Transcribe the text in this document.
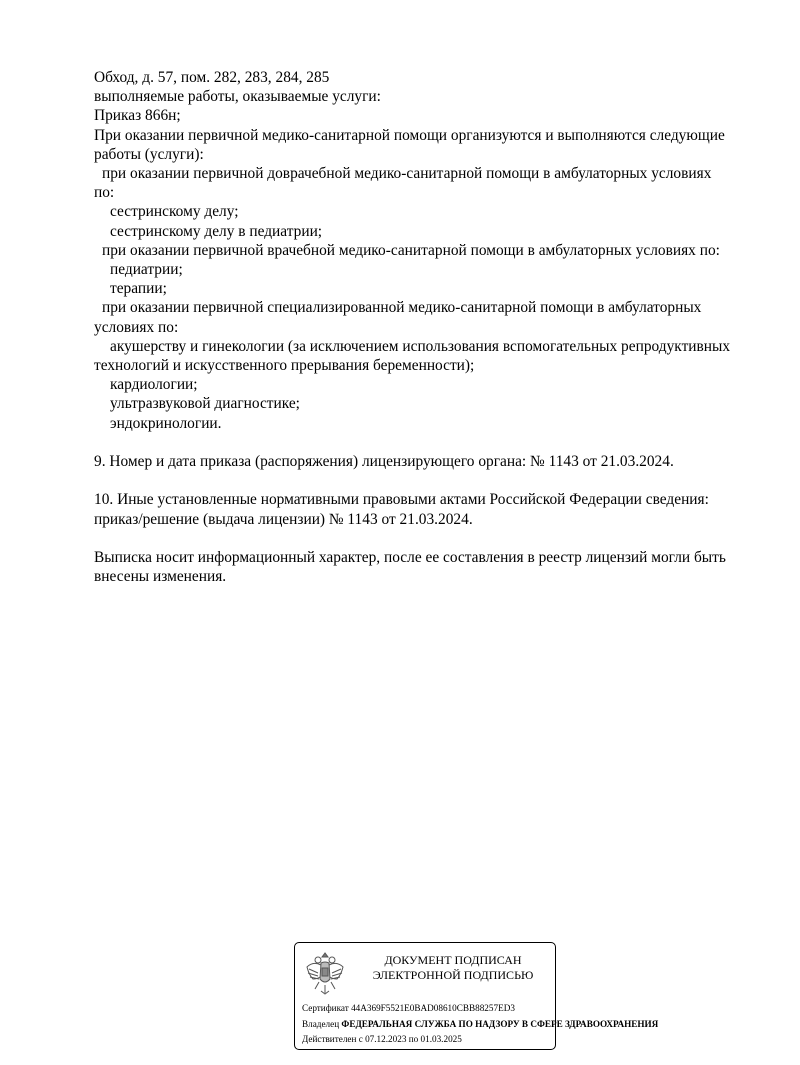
Обход, д. 57, пом. 282, 283, 284, 285
выполняемые работы, оказываемые услуги:
Приказ 866н;
При оказании первичной медико-санитарной помощи организуются и выполняются следующие
работы (услуги):
при оказании первичной доврачебной медико-санитарной помощи в амбулаторных условиях
по:
сестринскому делу;
сестринскому делу в педиатрии;
при оказании первичной врачебной медико-санитарной помощи в амбулаторных условиях по:
педиатрии;
терапии;
при оказании первичной специализированной медико-санитарной помощи в амбулаторных
условиях по:
акушерству и гинекологии (за исключением использования вспомогательных репродуктивных
технологий и искусственного прерывания беременности);
кардиологии;
ультразвуковой диагностике;
эндокринологии.
9. Номер и дата приказа (распоряжения) лицензирующего органа: № 1143 от 21.03.2024.
10. Иные установленные нормативными правовыми актами Российской Федерации сведения:
приказ/решение (выдача лицензии) № 1143 от 21.03.2024.
Выписка носит информационный характер, после ее составления в реестр лицензий могли быть
внесены изменения.
ДОКУМЕНТ ПОДПИСАН
ЭЛЕКТРОННОЙ ПОДПИСЬЮ
Сертификат 44A369F5521E0BAD08610CBB88257ED3
Владелец ФЕДЕРАЛЬНАЯ СЛУЖБА ПО НАДЗОРУ В СФЕРЕ ЗДРАВООХРАНЕНИЯ
Действителен с 07.12.2023 по 01.03.2025
